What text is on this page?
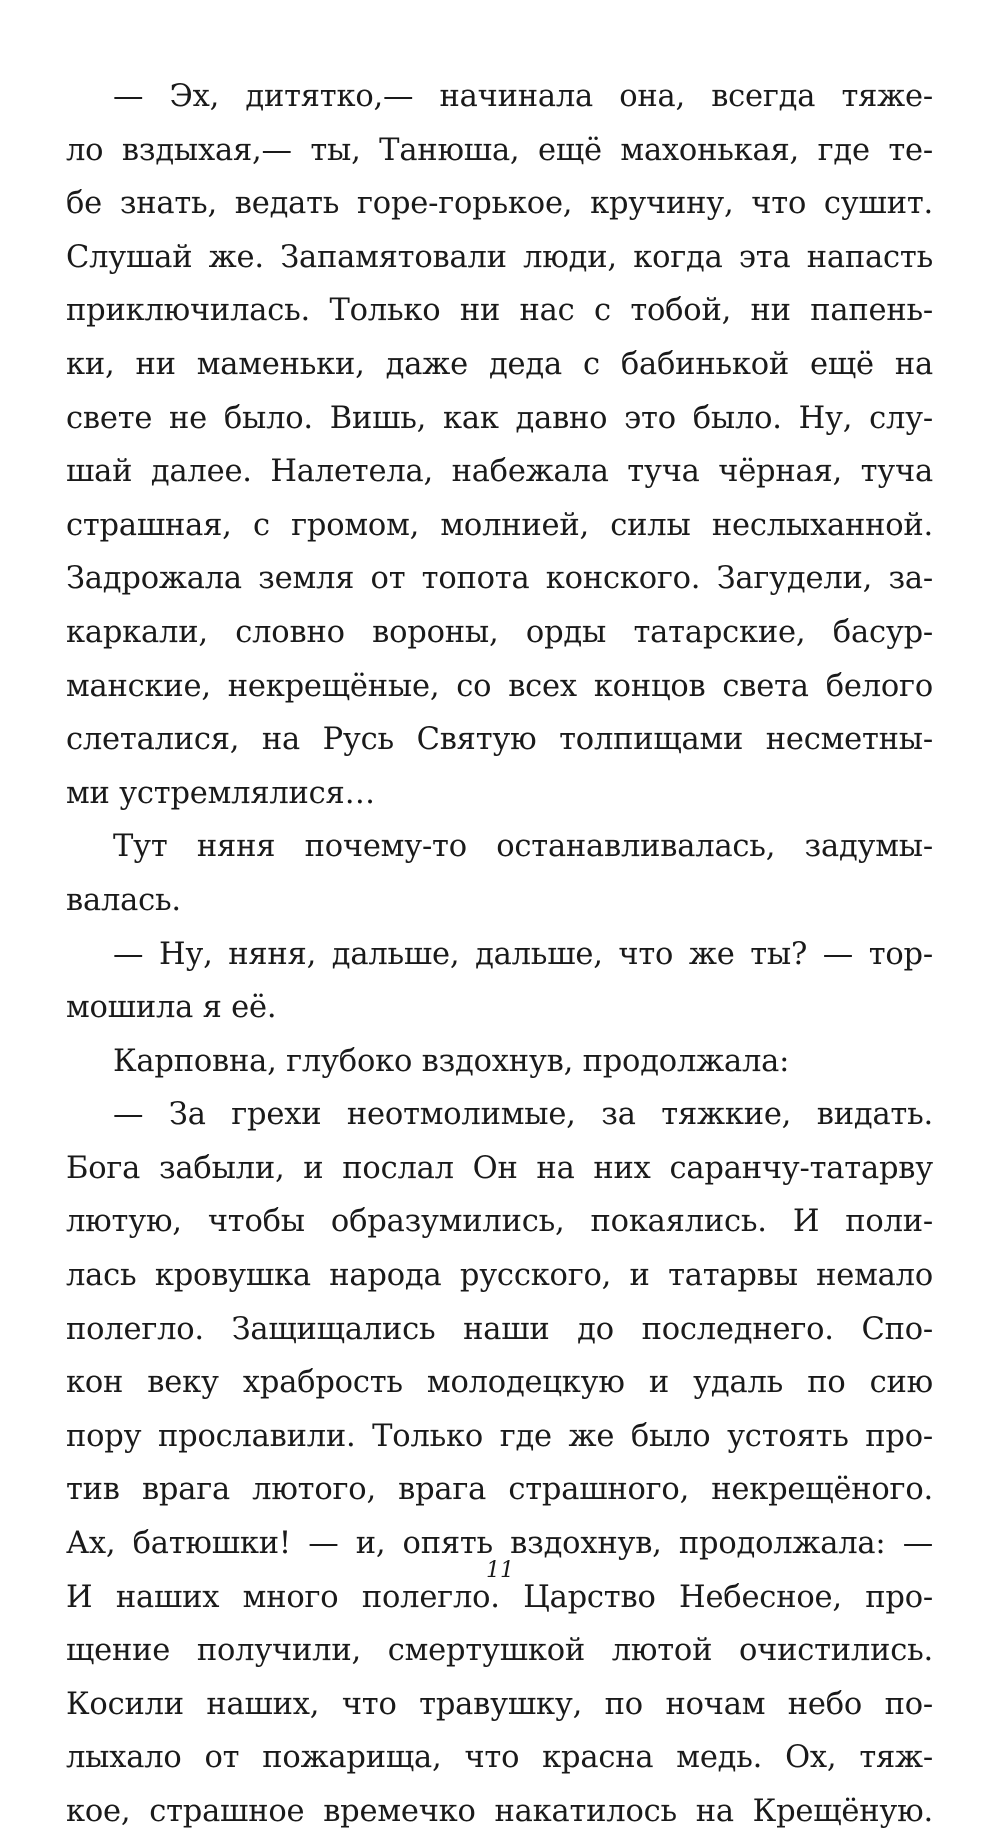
— Эх, дитятко,— начинала она, всегда тяже-
ло вздыхая,— ты, Танюша, ещё махонькая, где те-
бе знать, ведать горе-горькое, кручину, что сушит.
Слушай же. Запамятовали люди, когда эта напасть
приключилась. Только ни нас с тобой, ни папень-
ки, ни маменьки, даже деда с бабинькой ещё на
свете не было. Вишь, как давно это было. Ну, слу-
шай далее. Налетела, набежала туча чёрная, туча
страшная, с громом, молнией, силы неслыханной.
Задрожала земля от топота конского. Загудели, за-
каркали, словно вороны, орды татарские, басур-
манские, некрещёные, со всех концов света белого
слеталися, на Русь Святую толпищами несметны-
ми устремлялися…
Тут няня почему-то останавливалась, задумы-
валась.
— Ну, няня, дальше, дальше, что же ты? — тор-
мошила я её.
Карповна, глубоко вздохнув, продолжала:
— За грехи неотмолимые, за тяжкие, видать.
Бога забыли, и послал Он на них саранчу-татарву
лютую, чтобы образумились, покаялись. И поли-
лась кровушка народа русского, и татарвы немало
полегло. Защищались наши до последнего. Спо-
кон веку храбрость молодецкую и удаль по сию
пору прославили. Только где же было устоять про-
тив врага лютого, врага страшного, некрещёного.
Ах, батюшки! — и, опять вздохнув, продолжала: —
И наших много полегло. Царство Небесное, про-
щение получили, смертушкой лютой очистились.
Косили наших, что травушку, по ночам небо по-
лыхало от пожарища, что красна медь. Ох, тяж-
кое, страшное времечко накатилось на Крещёную.
11
